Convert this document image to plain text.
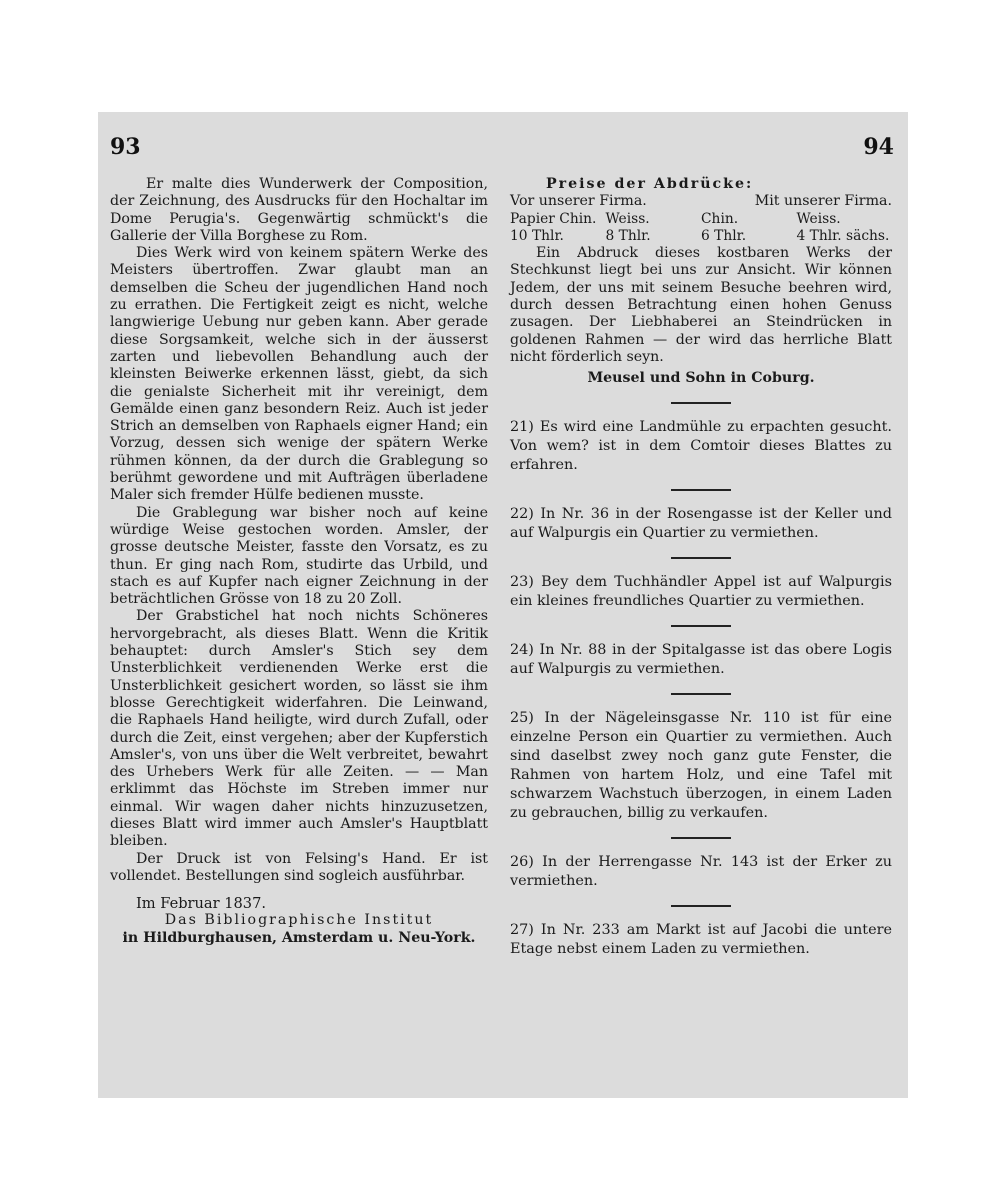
93	94

Er malte dies Wunderwerk der Composition, der Zeichnung, des Ausdrucks für den Hochaltar im Dome Perugia's. Gegenwärtig schmückt's die Gallerie der Villa Borghese zu Rom.

Dies Werk wird von keinem spätern Werke des Meisters übertroffen. Zwar glaubt man an demselben die Scheu der jugendlichen Hand noch zu errathen. Die Fertigkeit zeigt es nicht, welche langwierige Uebung nur geben kann. Aber gerade diese Sorgsamkeit, welche sich in der äusserst zarten und liebevollen Behandlung auch der kleinsten Beiwerke erkennen lässt, giebt, da sich die genialste Sicherheit mit ihr vereinigt, dem Gemälde einen ganz besondern Reiz. Auch ist jeder Strich an demselben von Raphaels eigner Hand; ein Vorzug, dessen sich wenige der spätern Werke rühmen können, da der durch die Grablegung so berühmt gewordene und mit Aufträgen überladene Maler sich fremder Hülfe bedienen musste.

Die Grablegung war bisher noch auf keine würdige Weise gestochen worden. Amsler, der grosse deutsche Meister, fasste den Vorsatz, es zu thun. Er ging nach Rom, studirte das Urbild, und stach es auf Kupfer nach eigner Zeichnung in der beträchtlichen Grösse von 18 zu 20 Zoll.

Der Grabstichel hat noch nichts Schöneres hervorgebracht, als dieses Blatt. Wenn die Kritik behauptet: durch Amsler's Stich sey dem Unsterblichkeit verdienenden Werke erst die Unsterblichkeit gesichert worden, so lässt sie ihm blosse Gerechtigkeit widerfahren. Die Leinwand, die Raphaels Hand heiligte, wird durch Zufall, oder durch die Zeit, einst vergehen; aber der Kupferstich Amsler's, von uns über die Welt verbreitet, bewahrt des Urhebers Werk für alle Zeiten. — — Man erklimmt das Höchste im Streben immer nur einmal. Wir wagen daher nichts hinzuzusetzen, dieses Blatt wird immer auch Amsler's Hauptblatt bleiben.

Der Druck ist von Felsing's Hand. Er ist vollendet. Bestellungen sind sogleich ausführbar.

Im Februar 1837.

Das Bibliographische Institut

in Hildburghausen, Amsterdam u. Neu-York.

Preise der Abdrücke:

Vor unserer Firma.	Mit unserer Firma.
Papier Chin. Weiss.	Chin.	Weiss.
10 Thlr.	8 Thlr.	6 Thlr.	4 Thlr. sächs.

Ein Abdruck dieses kostbaren Werks der Stechkunst liegt bei uns zur Ansicht. Wir können Jedem, der uns mit seinem Besuche beehren wird, durch dessen Betrachtung einen hohen Genuss zusagen. Der Liebhaberei an Steindrücken in goldenen Rahmen — der wird das herrliche Blatt nicht förderlich seyn.

Meusel und Sohn in Coburg.

21) Es wird eine Landmühle zu erpachten gesucht. Von wem? ist in dem Comtoir dieses Blattes zu erfahren.

22) In Nr. 36 in der Rosengasse ist der Keller und auf Walpurgis ein Quartier zu vermiethen.

23) Bey dem Tuchhändler Appel ist auf Walpurgis ein kleines freundliches Quartier zu vermiethen.

24) In Nr. 88 in der Spitalgasse ist das obere Logis auf Walpurgis zu vermiethen.

25) In der Nägeleinsgasse Nr. 110 ist für eine einzelne Person ein Quartier zu vermiethen. Auch sind daselbst zwey noch ganz gute Fenster, die Rahmen von hartem Holz, und eine Tafel mit schwarzem Wachstuch überzogen, in einem Laden zu gebrauchen, billig zu verkaufen.

26) In der Herrengasse Nr. 143 ist der Erker zu vermiethen.

27) In Nr. 233 am Markt ist auf Jacobi die untere Etage nebst einem Laden zu vermiethen.
